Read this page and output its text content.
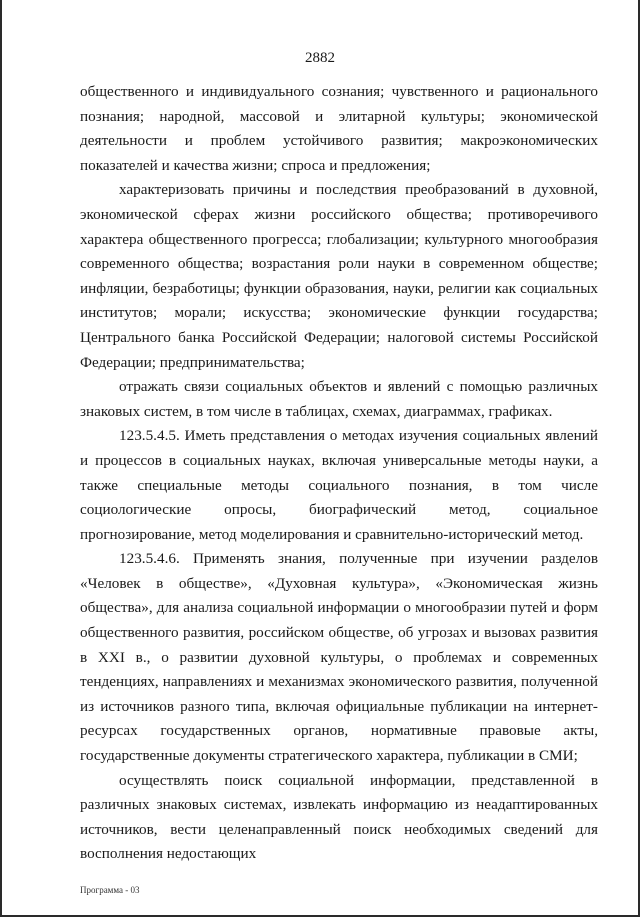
2882

общественного и индивидуального сознания; чувственного и рационального познания; народной, массовой и элитарной культуры; экономической деятельности и проблем устойчивого развития; макроэкономических показателей и качества жизни; спроса и предложения;

характеризовать причины и последствия преобразований в духовной, экономической сферах жизни российского общества; противоречивого характера общественного прогресса; глобализации; культурного многообразия современного общества; возрастания роли науки в современном обществе; инфляции, безработицы; функции образования, науки, религии как социальных институтов; морали; искусства; экономические функции государства; Центрального банка Российской Федерации; налоговой системы Российской Федерации; предпринимательства;

отражать связи социальных объектов и явлений с помощью различных знаковых систем, в том числе в таблицах, схемах, диаграммах, графиках.

123.5.4.5. Иметь представления о методах изучения социальных явлений и процессов в социальных науках, включая универсальные методы науки, а также специальные методы социального познания, в том числе социологические опросы, биографический метод, социальное прогнозирование, метод моделирования и сравнительно-исторический метод.

123.5.4.6. Применять знания, полученные при изучении разделов «Человек в обществе», «Духовная культура», «Экономическая жизнь общества», для анализа социальной информации о многообразии путей и форм общественного развития, российском обществе, об угрозах и вызовах развития в XXI в., о развитии духовной культуры, о проблемах и современных тенденциях, направлениях и механизмах экономического развития, полученной из источников разного типа, включая официальные публикации на интернет-ресурсах государственных органов, нормативные правовые акты, государственные документы стратегического характера, публикации в СМИ;

осуществлять поиск социальной информации, представленной в различных знаковых системах, извлекать информацию из неадаптированных источников, вести целенаправленный поиск необходимых сведений для восполнения недостающих

Программа - 03
